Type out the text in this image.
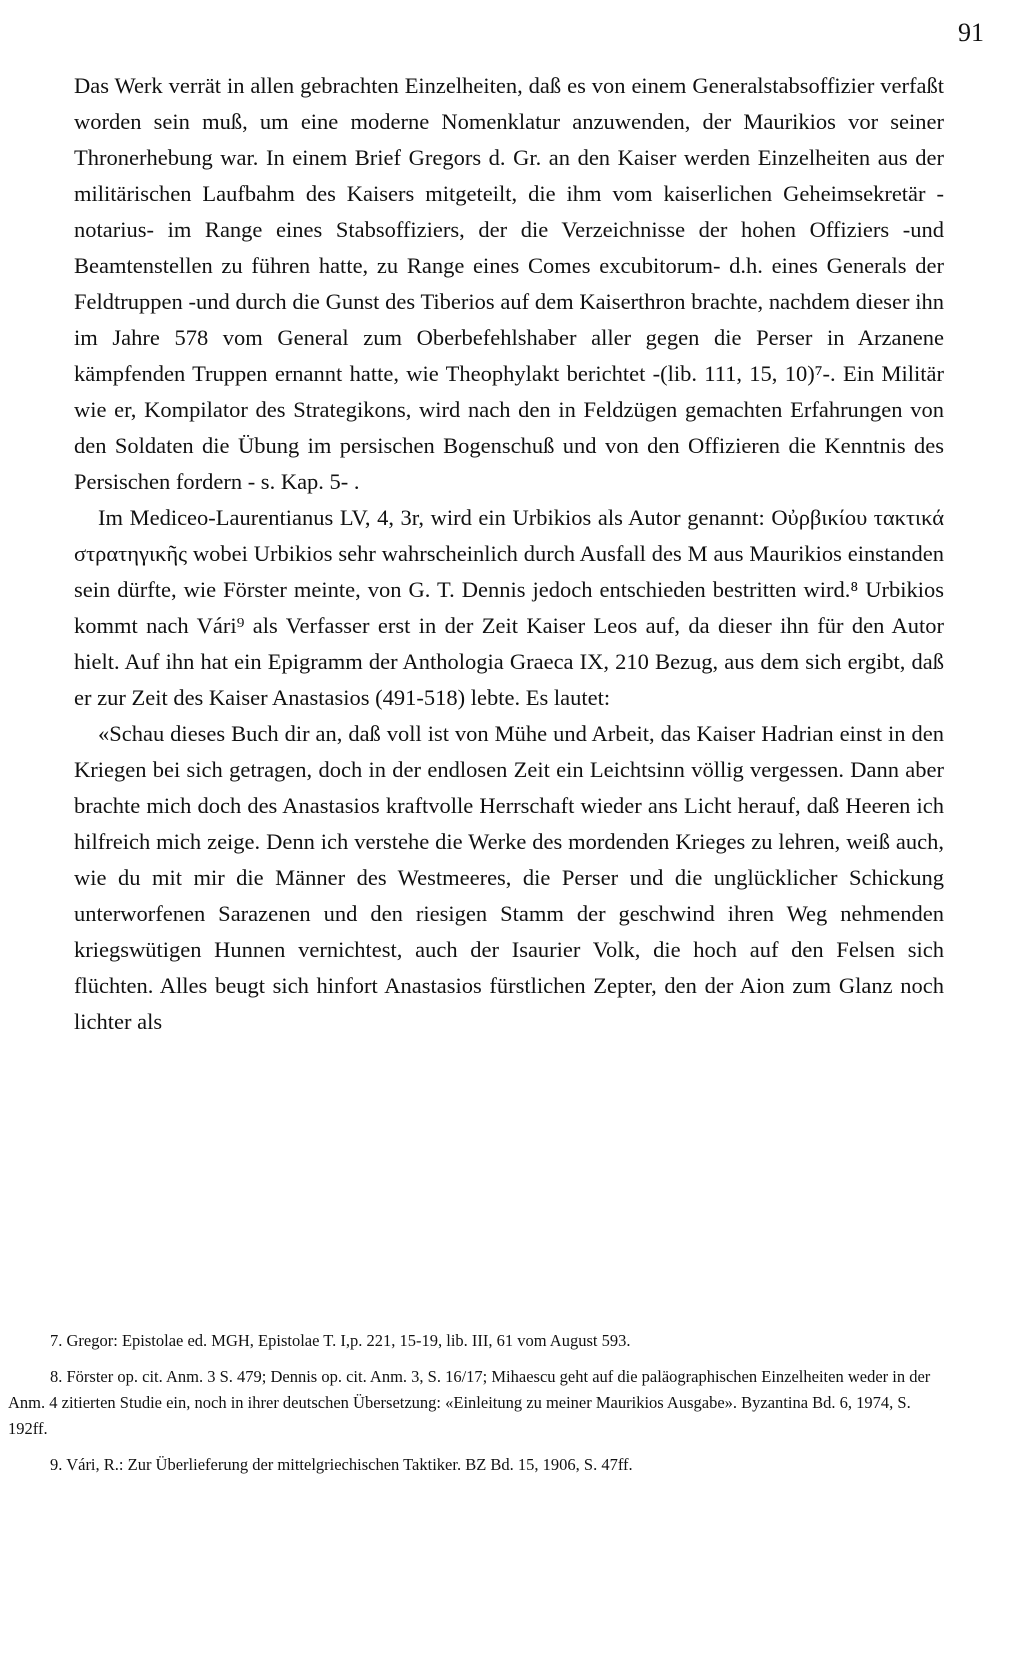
91

Das Werk verrät in allen gebrachten Einzelheiten, daß es von einem Generalstabsoffizier verfaßt worden sein muß, um eine moderne Nomenklatur anzuwenden, der Maurikios vor seiner Thronerhebung war. In einem Brief Gregors d. Gr. an den Kaiser werden Einzelheiten aus der militärischen Laufbahm des Kaisers mitgeteilt, die ihm vom kaiserlichen Geheimsekretär -notarius- im Range eines Stabsoffiziers, der die Verzeichnisse der hohen Offiziers -und Beamtenstellen zu führen hatte, zu Range eines Comes excubitorum- d.h. eines Generals der Feldtruppen -und durch die Gunst des Tiberios auf dem Kaiserthron brachte, nachdem dieser ihn im Jahre 578 vom General zum Oberbefehlshaber aller gegen die Perser in Arzanene kämpfenden Truppen ernannt hatte, wie Theophylakt berichtet -(lib. 111, 15, 10)⁷-. Ein Militär wie er, Kompilator des Strategikons, wird nach den in Feldzügen gemachten Erfahrungen von den Soldaten die Übung im persischen Bogenschuß und von den Offizieren die Kenntnis des Persischen fordern - s. Kap. 5- .

Im Mediceo-Laurentianus LV, 4, 3r, wird ein Urbikios als Autor genannt: Οὐρβικίου τακτικά στρατηγικῆς wobei Urbikios sehr wahrscheinlich durch Ausfall des M aus Maurikios einstanden sein dürfte, wie Förster meinte, von G. T. Dennis jedoch entschieden bestritten wird.⁸ Urbikios kommt nach Vári⁹ als Verfasser erst in der Zeit Kaiser Leos auf, da dieser ihn für den Autor hielt. Auf ihn hat ein Epigramm der Anthologia Graeca IX, 210 Bezug, aus dem sich ergibt, daß er zur Zeit des Kaiser Anastasios (491-518) lebte. Es lautet:

«Schau dieses Buch dir an, daß voll ist von Mühe und Arbeit, das Kaiser Hadrian einst in den Kriegen bei sich getragen, doch in der endlosen Zeit ein Leichtsinn völlig vergessen. Dann aber brachte mich doch des Anastasios kraftvolle Herrschaft wieder ans Licht herauf, daß Heeren ich hilfreich mich zeige. Denn ich verstehe die Werke des mordenden Krieges zu lehren, weiß auch, wie du mit mir die Männer des Westmeeres, die Perser und die unglücklicher Schickung unterworfenen Sarazenen und den riesigen Stamm der geschwind ihren Weg nehmenden kriegswütigen Hunnen vernichtest, auch der Isaurier Volk, die hoch auf den Felsen sich flüchten. Alles beugt sich hinfort Anastasios fürstlichen Zepter, den der Aion zum Glanz noch lichter als

7. Gregor: Epistolae ed. MGH, Epistolae T. I,p. 221, 15-19, lib. III, 61 vom August 593.

8. Förster op. cit. Anm. 3 S. 479; Dennis op. cit. Anm. 3, S. 16/17; Mihaescu geht auf die paläographischen Einzelheiten weder in der Anm. 4 zitierten Studie ein, noch in ihrer deutschen Übersetzung: «Einleitung zu meiner Maurikios Ausgabe». Byzantina Bd. 6, 1974, S. 192ff.

9. Vári, R.: Zur Überlieferung der mittelgriechischen Taktiker. BZ Bd. 15, 1906, S. 47ff.
